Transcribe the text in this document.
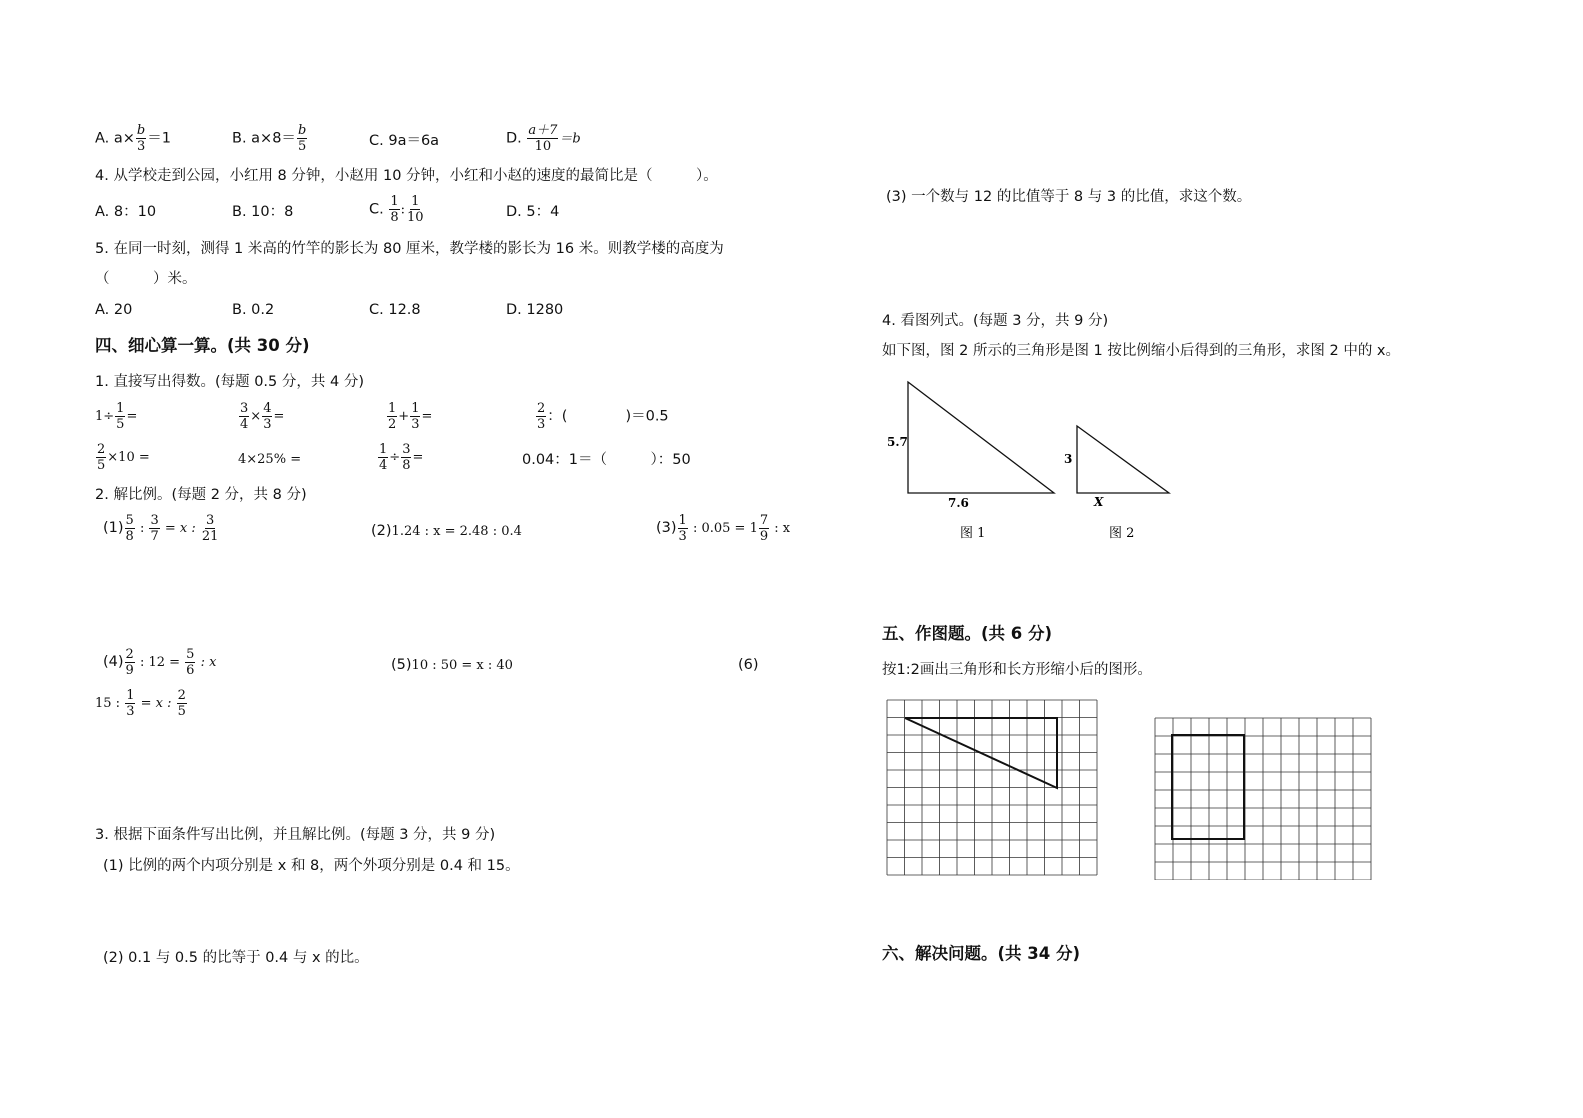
A. $a\times \frac{b}{3} =1$	B. $a\times 8= \frac{b}{5}$	C. 9a＝6a	D. $\frac{a+7}{10} =b$
4. 从学校走到公园，小红用 8 分钟，小赵用 10 分钟，小红和小赵的速度的最简比是（　　　）。
A. 8：10	B. 10：8	C. $\frac{1}{8}$ : $\frac{1}{10}$	D. 5：4
5. 在同一时刻，测得 1 米高的竹竿的影长为 80 厘米，教学楼的影长为 16 米。则教学楼的高度为
（　　　）米。
A. 20	B. 0.2	C. 12.8	D. 1280
四、细心算一算。(共 30 分)
1. 直接写出得数。(每题 0.5 分，共 4 分)
$1\div \frac{1}{5}$ =	$\frac{3}{4} \times \frac{4}{3}$ =	$\frac{1}{2} + \frac{1}{3}$ =	$\frac{2}{3}$ ：(　　　　)＝0.5
$\frac{2}{5} \times 10$ =	4×25% =	$\frac{1}{4} \div \frac{3}{8}$ =	0.04：1＝（　　　）：50
2. 解比例。(每题 2 分，共 8 分)
$(1) \frac{5}{8}$ : $\frac{3}{7} = x$ : $\frac{3}{21}$	(2)1.24 : x = 2.48 : 0.4	$(3) \frac{1}{3}$ : $0.05 = 1 \frac{7}{9}$ : x
$(4) \frac{2}{9}$ : $12 = \frac{5}{6}$ : x	(5)10 : 50 = x : 40	(6)
15 : $\frac{1}{3} = x$ : $\frac{2}{5}$
3. 根据下面条件写出比例，并且解比例。(每题 3 分，共 9 分)
(1) 比例的两个内项分别是 x 和 8，两个外项分别是 0.4 和 15。
(2) 0.1 与 0.5 的比等于 0.4 与 x 的比。
(3) 一个数与 12 的比值等于 8 与 3 的比值，求这个数。
4. 看图列式。(每题 3 分，共 9 分)
如下图，图 2 所示的三角形是图 1 按比例缩小后得到的三角形，求图 2 中的 x。
5.7
7.6
图 1
3
X
图 2
五、作图题。(共 6 分)
按1:2画出三角形和长方形缩小后的图形。
六、解决问题。(共 34 分)
